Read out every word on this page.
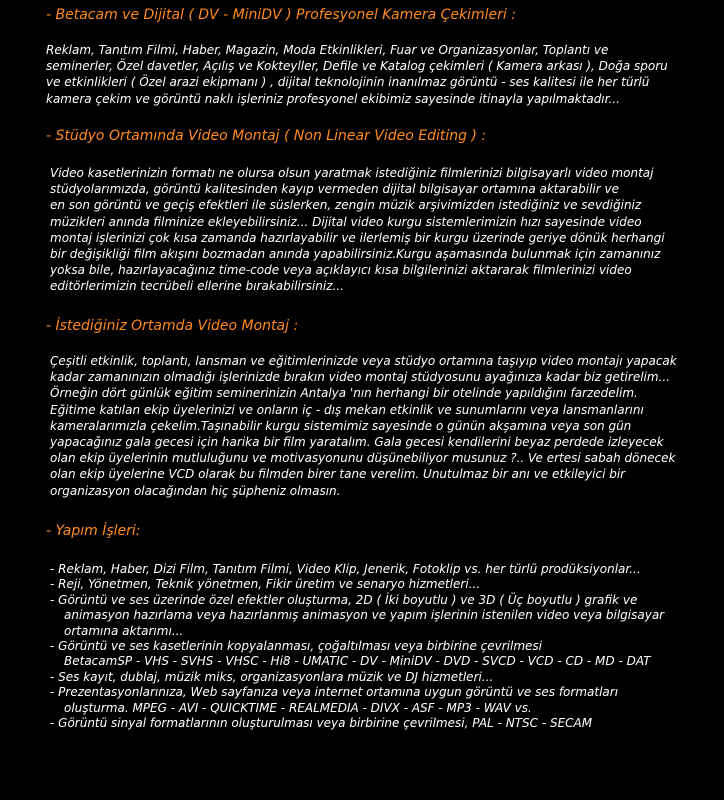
- Betacam ve Dijital ( DV - MiniDV ) Profesyonel Kamera Çekimleri :
Reklam, Tanıtım Filmi, Haber, Magazin, Moda Etkinlikleri, Fuar ve Organizasyonlar, Toplantı ve
seminerler, Özel davetler, Açılış ve Kokteyller, Defile ve Katalog çekimleri ( Kamera arkası ), Doğa sporu
ve etkinlikleri ( Özel arazi ekipmanı ) , dijital teknolojinin inanılmaz görüntü - ses kalitesi ile her türlü
kamera çekim ve görüntü naklı işleriniz profesyonel ekibimiz sayesinde itinayla yapılmaktadır...
- Stüdyo Ortamında Video Montaj ( Non Linear Video Editing ) :
Video kasetlerinizin formatı ne olursa olsun yaratmak istediğiniz filmlerinizi bilgisayarlı video montaj
stüdyolarımızda, görüntü kalitesinden kayıp vermeden dijital bilgisayar ortamına aktarabilir ve
en son görüntü ve geçiş efektleri ile süslerken, zengin müzik arşivimizden istediğiniz ve sevdiğiniz
müzikleri anında filminize ekleyebilirsiniz... Dijital video kurgu sistemlerimizin hızı sayesinde video
montaj işlerinizi çok kısa zamanda hazırlayabilir ve ilerlemiş bir kurgu üzerinde geriye dönük herhangi
bir değişikliği film akışını bozmadan anında yapabilirsiniz.Kurgu aşamasında bulunmak için zamanınız
yoksa bile, hazırlayacağınız time-code veya açıklayıcı kısa bilgilerinizi aktararak filmlerinizi video
editörlerimizin tecrübeli ellerine bırakabilirsiniz...
- İstediğiniz Ortamda Video Montaj :
Çeşitli etkinlik, toplantı, lansman ve eğitimlerinizde veya stüdyo ortamına taşıyıp video montajı yapacak
kadar zamanınızın olmadığı işlerinizde bırakın video montaj stüdyosunu ayağınıza kadar biz getirelim...
Örneğin dört günlük eğitim seminerinizin Antalya 'nın herhangi bir otelinde yapıldığını farzedelim.
Eğitime katılan ekip üyelerinizi ve onların iç - dış mekan etkinlik ve sunumlarını veya lansmanlarını
kameralarımızla çekelim.Taşınabilir kurgu sistemimiz sayesinde o günün akşamına veya son gün
yapacağınız gala gecesi için harika bir film yaratalım. Gala gecesi kendilerini beyaz perdede izleyecek
olan ekip üyelerinin mutluluğunu ve motivasyonunu düşünebiliyor musunuz ?.. Ve ertesi sabah dönecek
olan ekip üyelerine VCD olarak bu filmden birer tane verelim. Unutulmaz bir anı ve etkileyici bir
organizasyon olacağından hiç şüpheniz olmasın.
- Yapım İşleri:
- Reklam, Haber, Dizi Film, Tanıtım Filmi, Video Klip, Jenerik, Fotoklip vs. her türlü prodüksiyonlar...
- Reji, Yönetmen, Teknik yönetmen, Fikir üretim ve senaryo hizmetleri...
- Görüntü ve ses üzerinde özel efektler oluşturma, 2D ( İki boyutlu ) ve 3D ( Üç boyutlu ) grafik ve
animasyon hazırlama veya hazırlanmış animasyon ve yapım işlerinin istenilen video veya bilgisayar
ortamına aktarımı...
- Görüntü ve ses kasetlerinin kopyalanması, çoğaltılması veya birbirine çevrilmesi
BetacamSP - VHS - SVHS - VHSC - Hi8 - UMATIC - DV - MiniDV - DVD - SVCD - VCD - CD - MD - DAT
- Ses kayıt, dublaj, müzik miks, organizasyonlara müzik ve DJ hizmetleri...
- Prezentasyonlarınıza, Web sayfanıza veya internet ortamına uygun görüntü ve ses formatları
oluşturma. MPEG - AVI - QUICKTIME - REALMEDIA - DIVX - ASF - MP3 - WAV vs.
- Görüntü sinyal formatlarının oluşturulması veya birbirine çevrilmesi, PAL - NTSC - SECAM
